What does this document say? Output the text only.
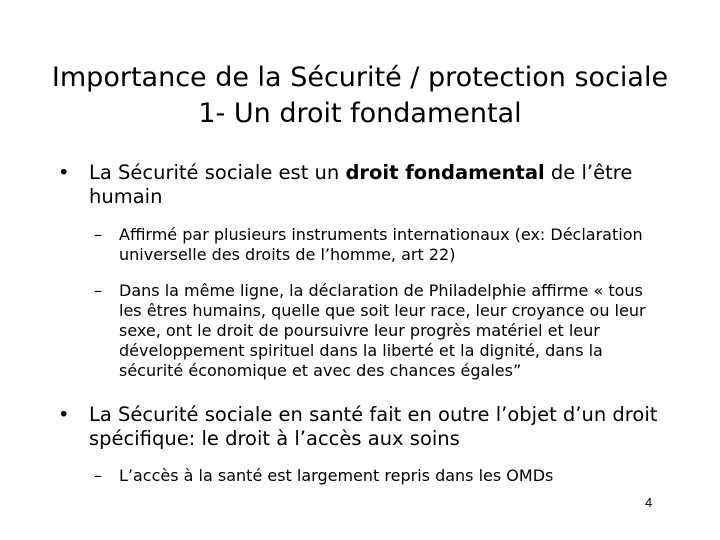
Importance de la Sécurité / protection sociale
1- Un droit fondamental
• La Sécurité sociale est un droit fondamental de l’être
humain
– Affirmé par plusieurs instruments internationaux (ex: Déclaration
universelle des droits de l’homme, art 22)
– Dans la même ligne, la déclaration de Philadelphie affirme « tous
les êtres humains, quelle que soit leur race, leur croyance ou leur
sexe, ont le droit de poursuivre leur progrès matériel et leur
développement spirituel dans la liberté et la dignité, dans la
sécurité économique et avec des chances égales”
• La Sécurité sociale en santé fait en outre l’objet d’un droit
spécifique: le droit à l’accès aux soins
– L’accès à la santé est largement repris dans les OMDs
4
